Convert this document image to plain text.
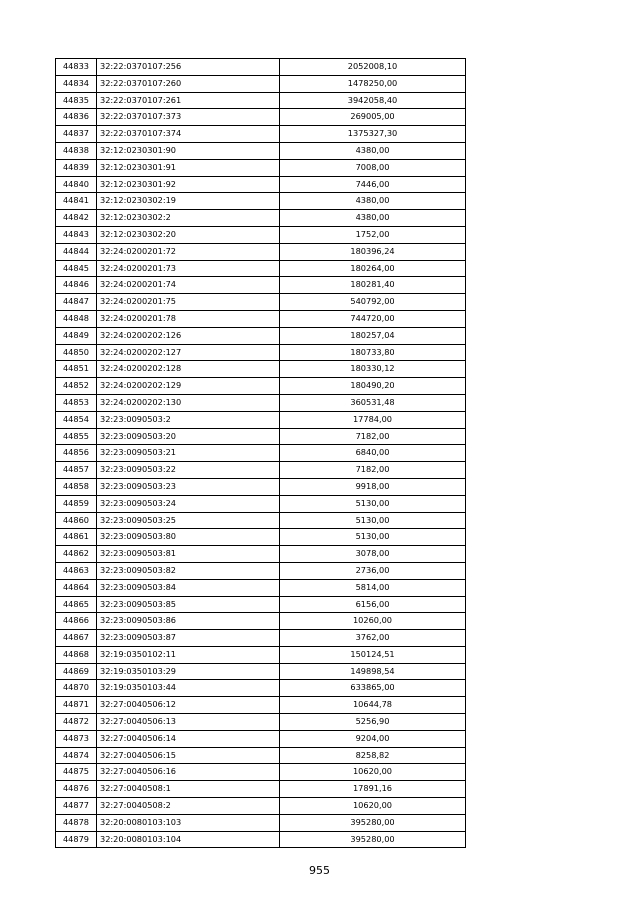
44833	32:22:0370107:256	2052008,10
44834	32:22:0370107:260	1478250,00
44835	32:22:0370107:261	3942058,40
44836	32:22:0370107:373	269005,00
44837	32:22:0370107:374	1375327,30
44838	32:12:0230301:90	4380,00
44839	32:12:0230301:91	7008,00
44840	32:12:0230301:92	7446,00
44841	32:12:0230302:19	4380,00
44842	32:12:0230302:2	4380,00
44843	32:12:0230302:20	1752,00
44844	32:24:0200201:72	180396,24
44845	32:24:0200201:73	180264,00
44846	32:24:0200201:74	180281,40
44847	32:24:0200201:75	540792,00
44848	32:24:0200201:78	744720,00
44849	32:24:0200202:126	180257,04
44850	32:24:0200202:127	180733,80
44851	32:24:0200202:128	180330,12
44852	32:24:0200202:129	180490,20
44853	32:24:0200202:130	360531,48
44854	32:23:0090503:2	17784,00
44855	32:23:0090503:20	7182,00
44856	32:23:0090503:21	6840,00
44857	32:23:0090503:22	7182,00
44858	32:23:0090503:23	9918,00
44859	32:23:0090503:24	5130,00
44860	32:23:0090503:25	5130,00
44861	32:23:0090503:80	5130,00
44862	32:23:0090503:81	3078,00
44863	32:23:0090503:82	2736,00
44864	32:23:0090503:84	5814,00
44865	32:23:0090503:85	6156,00
44866	32:23:0090503:86	10260,00
44867	32:23:0090503:87	3762,00
44868	32:19:0350102:11	150124,51
44869	32:19:0350103:29	149898,54
44870	32:19:0350103:44	633865,00
44871	32:27:0040506:12	10644,78
44872	32:27:0040506:13	5256,90
44873	32:27:0040506:14	9204,00
44874	32:27:0040506:15	8258,82
44875	32:27:0040506:16	10620,00
44876	32:27:0040508:1	17891,16
44877	32:27:0040508:2	10620,00
44878	32:20:0080103:103	395280,00
44879	32:20:0080103:104	395280,00
955
